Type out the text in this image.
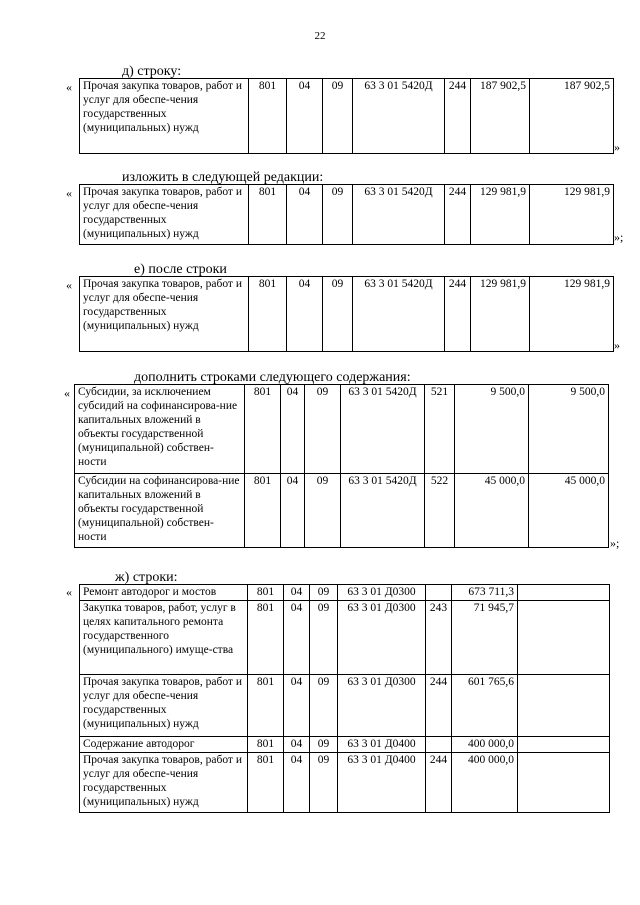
22
д) строку:
« Прочая закупка товаров, работ и услуг для обеспе-чения государственных (муниципальных) нужд	801	04	09	63 3 01 5420Д	244	187 902,5	187 902,5
»
изложить в следующей редакции:
« Прочая закупка товаров, работ и услуг для обеспе-чения государственных (муниципальных) нужд	801	04	09	63 3 01 5420Д	244	129 981,9	129 981,9
»;
е) после строки
« Прочая закупка товаров, работ и услуг для обеспе-чения государственных (муниципальных) нужд	801	04	09	63 3 01 5420Д	244	129 981,9	129 981,9
»
дополнить строками следующего содержания:
« Субсидии, за исключением субсидий на софинансирова-ние капитальных вложений в объекты государственной (муниципальной) собствен-ности	801	04	09	63 3 01 5420Д	521	9 500,0	9 500,0
Субсидии на софинансирова-ние капитальных вложений в объекты государственной (муниципальной) собствен-ности	801	04	09	63 3 01 5420Д	522	45 000,0	45 000,0
»;
ж) строки:
« Ремонт автодорог и мостов	801	04	09	63 3 01 Д0300		673 711,3	
Закупка товаров, работ, услуг в целях капитального ремонта государственного (муниципального) имуще-ства	801	04	09	63 3 01 Д0300	243	71 945,7	
Прочая закупка товаров, работ и услуг для обеспе-чения государственных (муниципальных) нужд	801	04	09	63 3 01 Д0300	244	601 765,6	
Содержание автодорог	801	04	09	63 3 01 Д0400		400 000,0	
Прочая закупка товаров, работ и услуг для обеспе-чения государственных (муниципальных) нужд	801	04	09	63 3 01 Д0400	244	400 000,0	
